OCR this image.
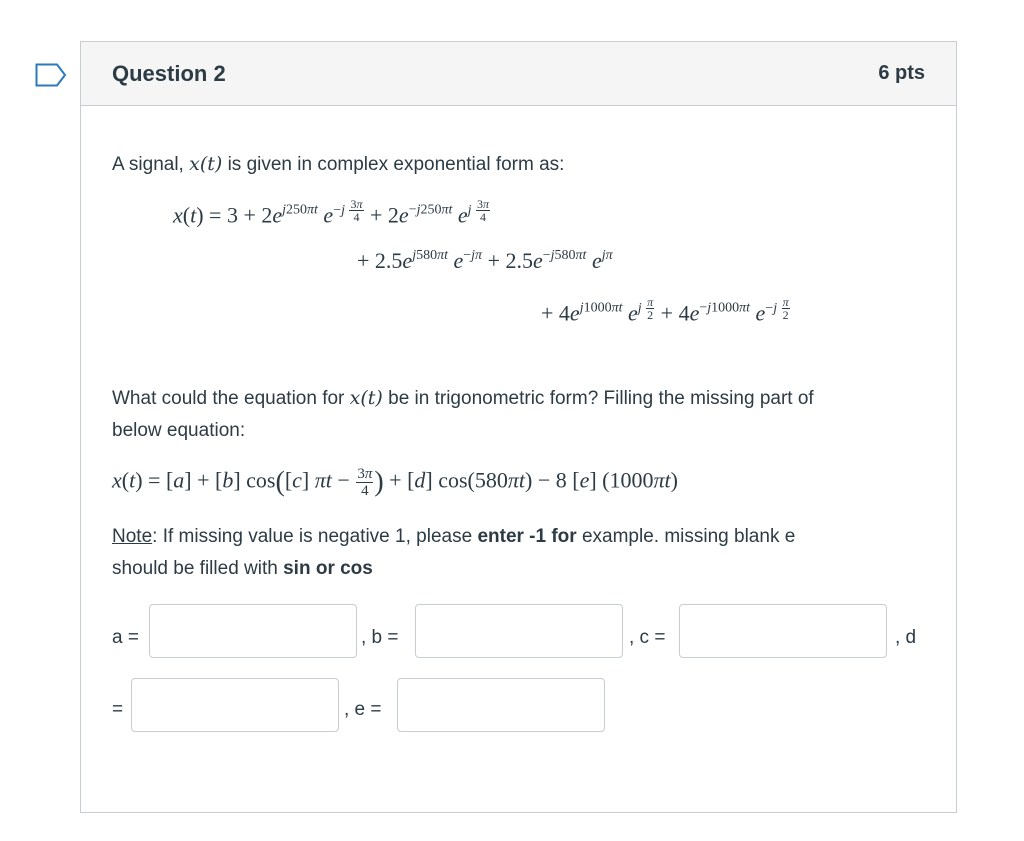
Question 2	6 pts
A signal, x(t) is given in complex exponential form as:
$x(t) = 3 + 2e^{j250\pi t}$ $e^{-j \frac{3\pi}{4}} + 2e^{-j250\pi t}$ $e^{j \frac{3\pi}{4}}$
+ $2.5e^{j580\pi t}$ $e^{-j\pi} + 2.5e^{-j580\pi t}$ $e^{j\pi}$
+ $4e^{j1000\pi t}$ $e^{j \frac{\pi}{2}} + 4e^{-j1000\pi t}$ $e^{-j \frac{\pi}{2}}$
What could the equation for x(t) be in trigonometric form? Filling the missing part of
below equation:
x(t) = [a] + [b] cos([c] $\pi t - \frac{3\pi}{4}$ ) + [d] cos(580πt) − 8 [e] (1000πt)
Note: If missing value is negative 1, please enter -1 for example. missing blank e
should be filled with sin or cos
a =	, b =	, c =	, d
=	, e =
